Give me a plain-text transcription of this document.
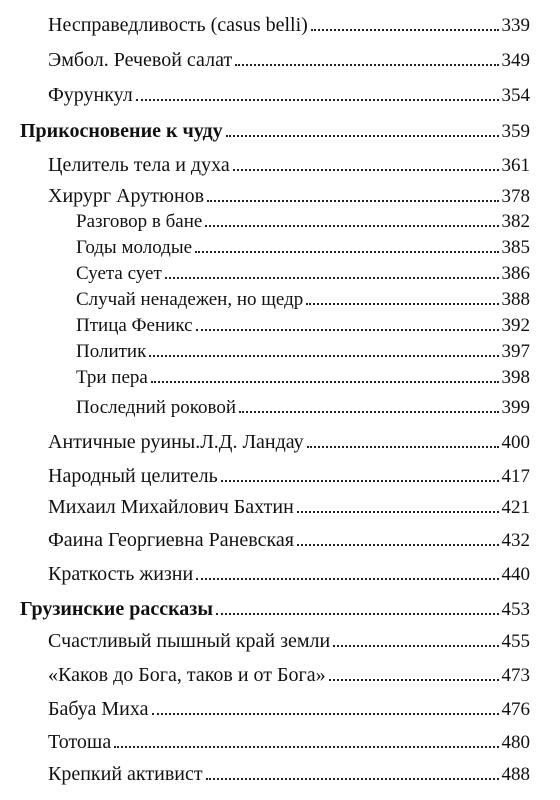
Несправедливость (casus belli)	339
Эмбол. Речевой салат	349
Фурункул	354
Прикосновение к чуду	359
Целитель тела и духа	361
Хирург Арутюнов	378
Разговор в бане	382
Годы молодые	385
Суета сует	386
Случай ненадежен, но щедр	388
Птица Феникс	392
Политик	397
Три пера	398
Последний роковой	399
Античные руины.Л.Д. Ландау	400
Народный целитель	417
Михаил Михайлович Бахтин	421
Фаина Георгиевна Раневская	432
Краткость жизни	440
Грузинские рассказы	453
Счастливый пышный край земли	455
«Каков до Бога, таков и от Бога»	473
Бабуа Миха	476
Тотоша	480
Крепкий активист	488
